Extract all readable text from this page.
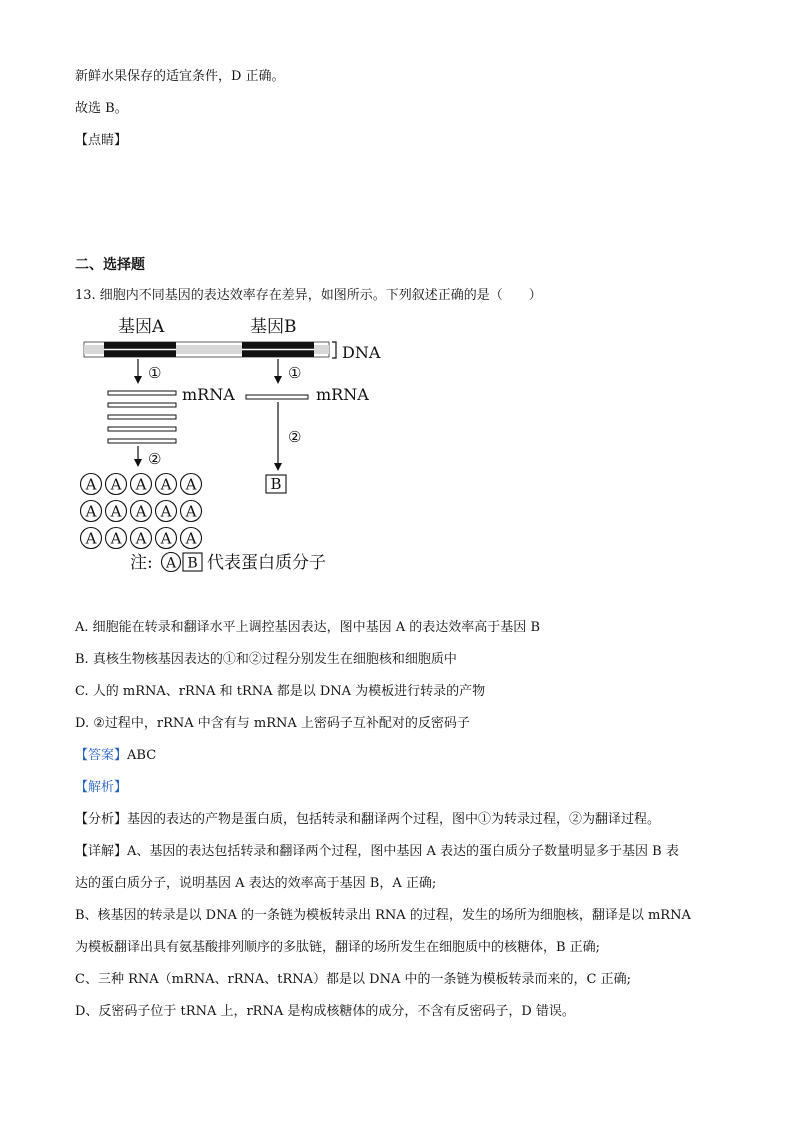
新鲜水果保存的适宜条件，D 正确。
故选 B。
【点睛】
二、选择题
13. 细胞内不同基因的表达效率存在差异，如图所示。下列叙述正确的是（　　）
基因A	基因B
DNA
①	①
mRNA	mRNA
②
②
A A A A A
A A A A A
A A A A A
B
注: A B 代表蛋白质分子
A. 细胞能在转录和翻译水平上调控基因表达，图中基因 A 的表达效率高于基因 B
B. 真核生物核基因表达的①和②过程分别发生在细胞核和细胞质中
C. 人的 mRNA、rRNA 和 tRNA 都是以 DNA 为模板进行转录的产物
D. ②过程中，rRNA 中含有与 mRNA 上密码子互补配对的反密码子
【答案】ABC
【解析】
【分析】基因的表达的产物是蛋白质，包括转录和翻译两个过程，图中①为转录过程，②为翻译过程。
【详解】A、基因的表达包括转录和翻译两个过程，图中基因 A 表达的蛋白质分子数量明显多于基因 B 表
达的蛋白质分子，说明基因 A 表达的效率高于基因 B，A 正确;
B、核基因的转录是以 DNA 的一条链为模板转录出 RNA 的过程，发生的场所为细胞核，翻译是以 mRNA
为模板翻译出具有氨基酸排列顺序的多肽链，翻译的场所发生在细胞质中的核糖体，B 正确;
C、三种 RNA（mRNA、rRNA、tRNA）都是以 DNA 中的一条链为模板转录而来的，C 正确;
D、反密码子位于 tRNA 上，rRNA 是构成核糖体的成分，不含有反密码子，D 错误。
